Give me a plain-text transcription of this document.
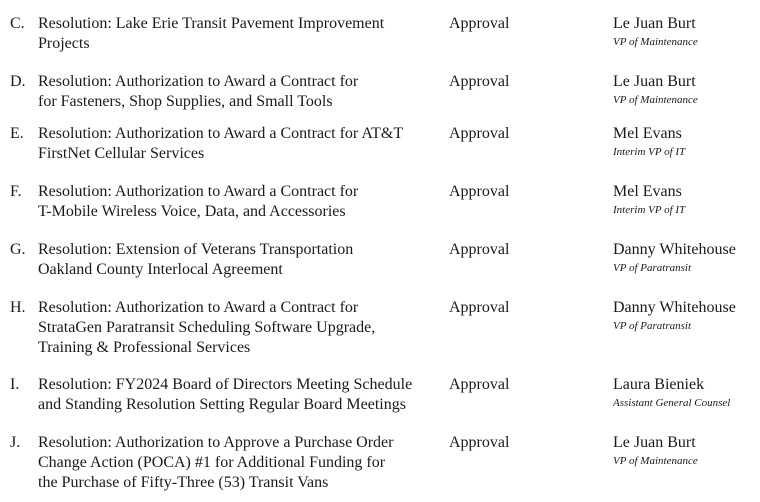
C. Resolution: Lake Erie Transit Pavement Improvement
Projects
Approval	Le Juan Burt
VP of Maintenance
D. Resolution: Authorization to Award a Contract for
for Fasteners, Shop Supplies, and Small Tools
Approval	Le Juan Burt
VP of Maintenance
E. Resolution: Authorization to Award a Contract for AT&T
FirstNet Cellular Services
Approval	Mel Evans
Interim VP of IT
F. Resolution: Authorization to Award a Contract for
T-Mobile Wireless Voice, Data, and Accessories
Approval	Mel Evans
Interim VP of IT
G. Resolution: Extension of Veterans Transportation
Oakland County Interlocal Agreement
Approval	Danny Whitehouse
VP of Paratransit
H. Resolution: Authorization to Award a Contract for
StrataGen Paratransit Scheduling Software Upgrade,
Training & Professional Services
Approval	Danny Whitehouse
VP of Paratransit
I. Resolution: FY2024 Board of Directors Meeting Schedule
and Standing Resolution Setting Regular Board Meetings
Approval	Laura Bieniek
Assistant General Counsel
J. Resolution: Authorization to Approve a Purchase Order
Change Action (POCA) #1 for Additional Funding for
the Purchase of Fifty-Three (53) Transit Vans
Approval	Le Juan Burt
VP of Maintenance
